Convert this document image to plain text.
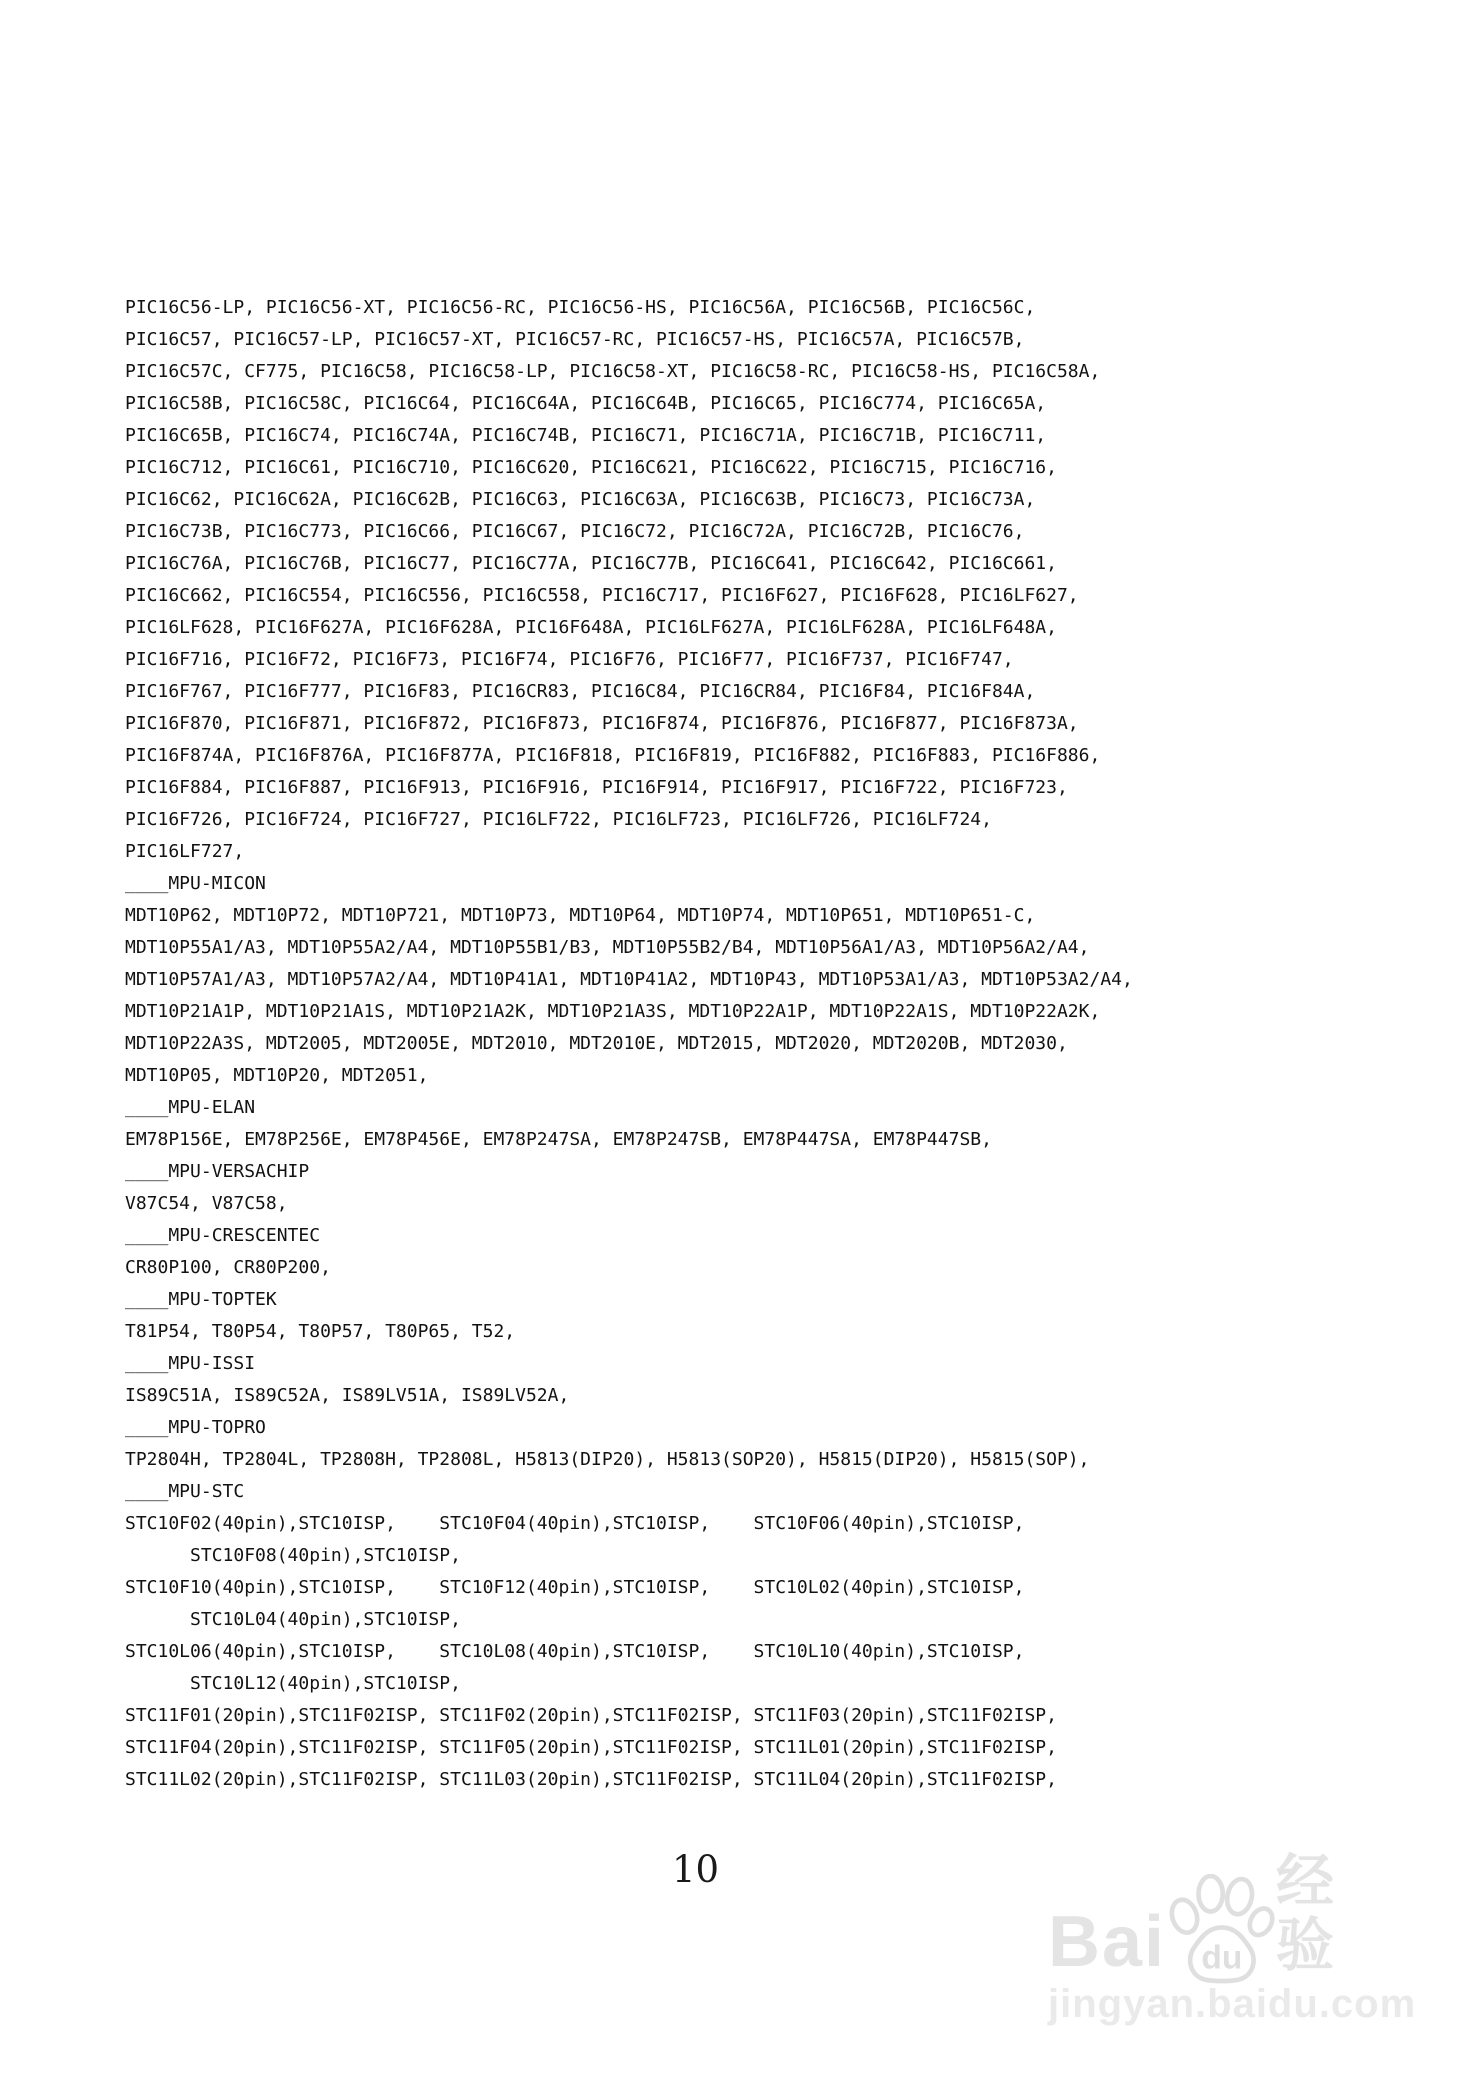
PIC16C56-LP, PIC16C56-XT, PIC16C56-RC, PIC16C56-HS, PIC16C56A, PIC16C56B, PIC16C56C,
PIC16C57, PIC16C57-LP, PIC16C57-XT, PIC16C57-RC, PIC16C57-HS, PIC16C57A, PIC16C57B,
PIC16C57C, CF775, PIC16C58, PIC16C58-LP, PIC16C58-XT, PIC16C58-RC, PIC16C58-HS, PIC16C58A,
PIC16C58B, PIC16C58C, PIC16C64, PIC16C64A, PIC16C64B, PIC16C65, PIC16C774, PIC16C65A,
PIC16C65B, PIC16C74, PIC16C74A, PIC16C74B, PIC16C71, PIC16C71A, PIC16C71B, PIC16C711,
PIC16C712, PIC16C61, PIC16C710, PIC16C620, PIC16C621, PIC16C622, PIC16C715, PIC16C716,
PIC16C62, PIC16C62A, PIC16C62B, PIC16C63, PIC16C63A, PIC16C63B, PIC16C73, PIC16C73A,
PIC16C73B, PIC16C773, PIC16C66, PIC16C67, PIC16C72, PIC16C72A, PIC16C72B, PIC16C76,
PIC16C76A, PIC16C76B, PIC16C77, PIC16C77A, PIC16C77B, PIC16C641, PIC16C642, PIC16C661,
PIC16C662, PIC16C554, PIC16C556, PIC16C558, PIC16C717, PIC16F627, PIC16F628, PIC16LF627,
PIC16LF628, PIC16F627A, PIC16F628A, PIC16F648A, PIC16LF627A, PIC16LF628A, PIC16LF648A,
PIC16F716, PIC16F72, PIC16F73, PIC16F74, PIC16F76, PIC16F77, PIC16F737, PIC16F747,
PIC16F767, PIC16F777, PIC16F83, PIC16CR83, PIC16C84, PIC16CR84, PIC16F84, PIC16F84A,
PIC16F870, PIC16F871, PIC16F872, PIC16F873, PIC16F874, PIC16F876, PIC16F877, PIC16F873A,
PIC16F874A, PIC16F876A, PIC16F877A, PIC16F818, PIC16F819, PIC16F882, PIC16F883, PIC16F886,
PIC16F884, PIC16F887, PIC16F913, PIC16F916, PIC16F914, PIC16F917, PIC16F722, PIC16F723,
PIC16F726, PIC16F724, PIC16F727, PIC16LF722, PIC16LF723, PIC16LF726, PIC16LF724,
PIC16LF727,
____MPU-MICON
MDT10P62, MDT10P72, MDT10P721, MDT10P73, MDT10P64, MDT10P74, MDT10P651, MDT10P651-C,
MDT10P55A1/A3, MDT10P55A2/A4, MDT10P55B1/B3, MDT10P55B2/B4, MDT10P56A1/A3, MDT10P56A2/A4,
MDT10P57A1/A3, MDT10P57A2/A4, MDT10P41A1, MDT10P41A2, MDT10P43, MDT10P53A1/A3, MDT10P53A2/A4,
MDT10P21A1P, MDT10P21A1S, MDT10P21A2K, MDT10P21A3S, MDT10P22A1P, MDT10P22A1S, MDT10P22A2K,
MDT10P22A3S, MDT2005, MDT2005E, MDT2010, MDT2010E, MDT2015, MDT2020, MDT2020B, MDT2030,
MDT10P05, MDT10P20, MDT2051,
____MPU-ELAN
EM78P156E, EM78P256E, EM78P456E, EM78P247SA, EM78P247SB, EM78P447SA, EM78P447SB,
____MPU-VERSACHIP
V87C54, V87C58,
____MPU-CRESCENTEC
CR80P100, CR80P200,
____MPU-TOPTEK
T81P54, T80P54, T80P57, T80P65, T52,
____MPU-ISSI
IS89C51A, IS89C52A, IS89LV51A, IS89LV52A,
____MPU-TOPRO
TP2804H, TP2804L, TP2808H, TP2808L, H5813(DIP20), H5813(SOP20), H5815(DIP20), H5815(SOP),
____MPU-STC
STC10F02(40pin),STC10ISP,    STC10F04(40pin),STC10ISP,    STC10F06(40pin),STC10ISP,
STC10F08(40pin),STC10ISP,
STC10F10(40pin),STC10ISP,    STC10F12(40pin),STC10ISP,    STC10L02(40pin),STC10ISP,
STC10L04(40pin),STC10ISP,
STC10L06(40pin),STC10ISP,    STC10L08(40pin),STC10ISP,    STC10L10(40pin),STC10ISP,
STC10L12(40pin),STC10ISP,
STC11F01(20pin),STC11F02ISP, STC11F02(20pin),STC11F02ISP, STC11F03(20pin),STC11F02ISP,
STC11F04(20pin),STC11F02ISP, STC11F05(20pin),STC11F02ISP, STC11L01(20pin),STC11F02ISP,
STC11L02(20pin),STC11F02ISP, STC11L03(20pin),STC11F02ISP, STC11L04(20pin),STC11F02ISP,
10
Bai du
经验
jingyan.baidu.com
